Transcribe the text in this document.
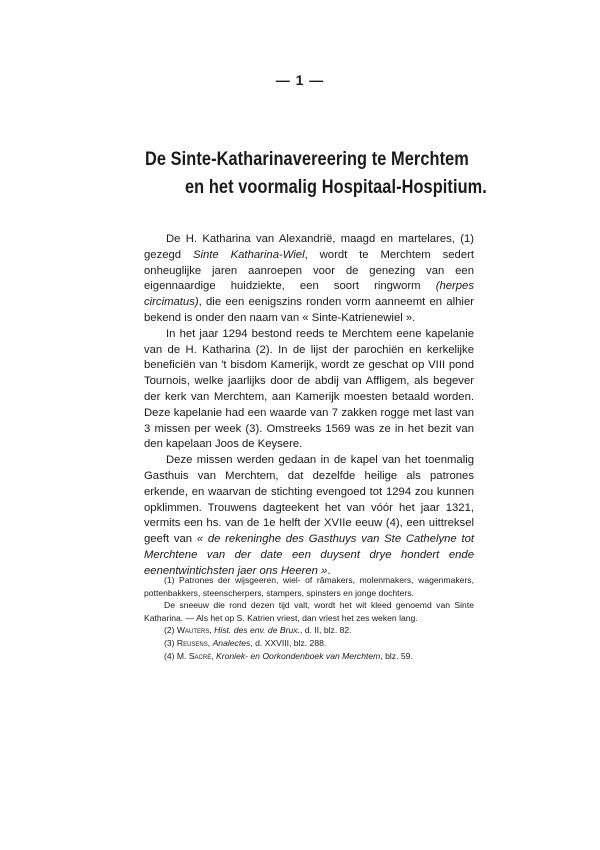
— 1 —
De Sinte-Katharinavereering te Merchtem
en het voormalig Hospitaal-Hospitium.

De H. Katharina van Alexandrië, maagd en martelares, (1) gezegd Sinte Katharina-Wiel, wordt te Merchtem sedert onheuglijke jaren aanroepen voor de genezing van een eigennaardige huidziekte, een soort ringworm (herpes circimatus), die een eenigszins ronden vorm aanneemt en alhier bekend is onder den naam van « Sinte-Katrienewiel ».

In het jaar 1294 bestond reeds te Merchtem eene kapelanie van de H. Katharina (2). In de lijst der parochiën en kerkelijke beneficiën van 't bisdom Kamerijk, wordt ze geschat op VIII pond Tournois, welke jaarlijks door de abdij van Affligem, als begever der kerk van Merchtem, aan Kamerijk moesten betaald worden. Deze kapelanie had een waarde van 7 zakken rogge met last van 3 missen per week (3). Omstreeks 1569 was ze in het bezit van den kapelaan Joos de Keysere.

Deze missen werden gedaan in de kapel van het toenmalig Gasthuis van Merchtem, dat dezelfde heilige als patrones erkende, en waarvan de stichting evengoed tot 1294 zou kunnen opklimmen. Trouwens dagteekent het van vóór het jaar 1321, vermits een hs. van de 1e helft der XVIIe eeuw (4), een uittreksel geeft van « de rekeninghe des Gasthuys van Ste Cathelyne tot Merchtene van der date een duysent drye hondert ende eenentwintichsten jaer ons Heeren ».

(1) Patrones der wijsgeeren, wiel- of râmakers, molenmakers, wagenmakers, pottenbakkers, steenscherpers, stampers, spinsters en jonge dochters.

De sneeuw die rond dezen tijd valt, wordt het wit kleed genoemd van Sinte Katharina. — Als het op S. Katrien vriest, dan vriest het zes weken lang.

(2) Wauters, Hist. des env. de Brux., d. II, blz. 82.

(3) Reusens, Analectes, d. XXVIII, blz. 288.

(4) M. Sacré, Kroniek- en Oorkondenboek van Merchtem, blz. 59.
